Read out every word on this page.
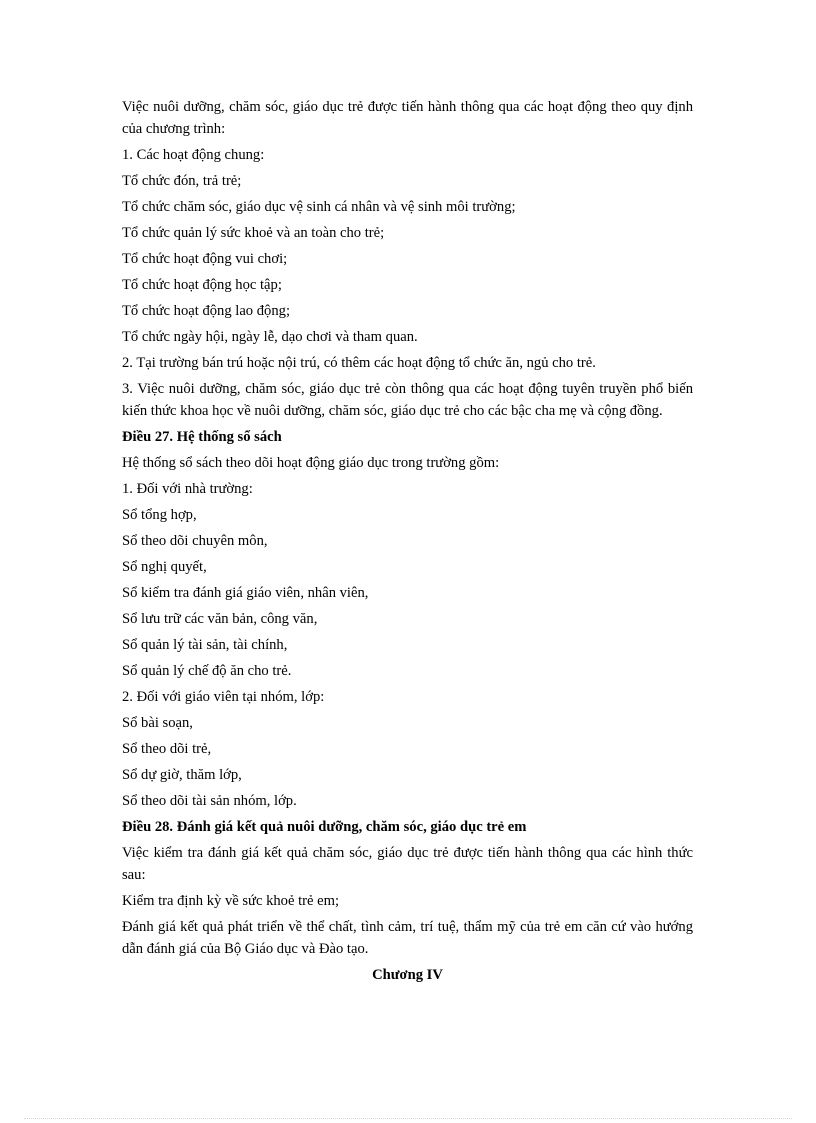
Việc nuôi dưỡng, chăm sóc, giáo dục trẻ được tiến hành thông qua các hoạt động theo quy định của chương trình:

1. Các hoạt động chung:

Tổ chức đón, trả trẻ;

Tổ chức chăm sóc, giáo dục vệ sinh cá nhân và vệ sinh môi trường;

Tổ chức quản lý sức khoẻ và an toàn cho trẻ;

Tổ chức hoạt động vui chơi;

Tổ chức hoạt động học tập;

Tổ chức hoạt động lao động;

Tổ chức ngày hội, ngày lễ, dạo chơi và tham quan.

2. Tại trường bán trú hoặc nội trú, có thêm các hoạt động tổ chức ăn, ngủ cho trẻ.

3. Việc nuôi dưỡng, chăm sóc, giáo dục trẻ còn thông qua các hoạt động tuyên truyền phổ biến kiến thức khoa học về nuôi dưỡng, chăm sóc, giáo dục trẻ cho các bậc cha mẹ và cộng đồng.

Điều 27. Hệ thống sổ sách

Hệ thống sổ sách theo dõi hoạt động giáo dục trong trường gồm:

1. Đối với nhà trường:

Sổ tổng hợp,

Sổ theo dõi chuyên môn,

Sổ nghị quyết,

Sổ kiểm tra đánh giá giáo viên, nhân viên,

Sổ lưu trữ các văn bản, công văn,

Sổ quản lý tài sản, tài chính,

Sổ quản lý chế độ ăn cho trẻ.

2. Đối với giáo viên tại nhóm, lớp:

Sổ bài soạn,

Sổ theo dõi trẻ,

Sổ dự giờ, thăm lớp,

Sổ theo dõi tài sản nhóm, lớp.

Điều 28. Đánh giá kết quả nuôi dưỡng, chăm sóc, giáo dục trẻ em

Việc kiểm tra đánh giá kết quả chăm sóc, giáo dục trẻ được tiến hành thông qua các hình thức sau:

Kiểm tra định kỳ về sức khoẻ trẻ em;

Đánh giá kết quả phát triển về thể chất, tình cảm, trí tuệ, thẩm mỹ của trẻ em căn cứ vào hướng dẫn đánh giá của Bộ Giáo dục và Đào tạo.

Chương IV
